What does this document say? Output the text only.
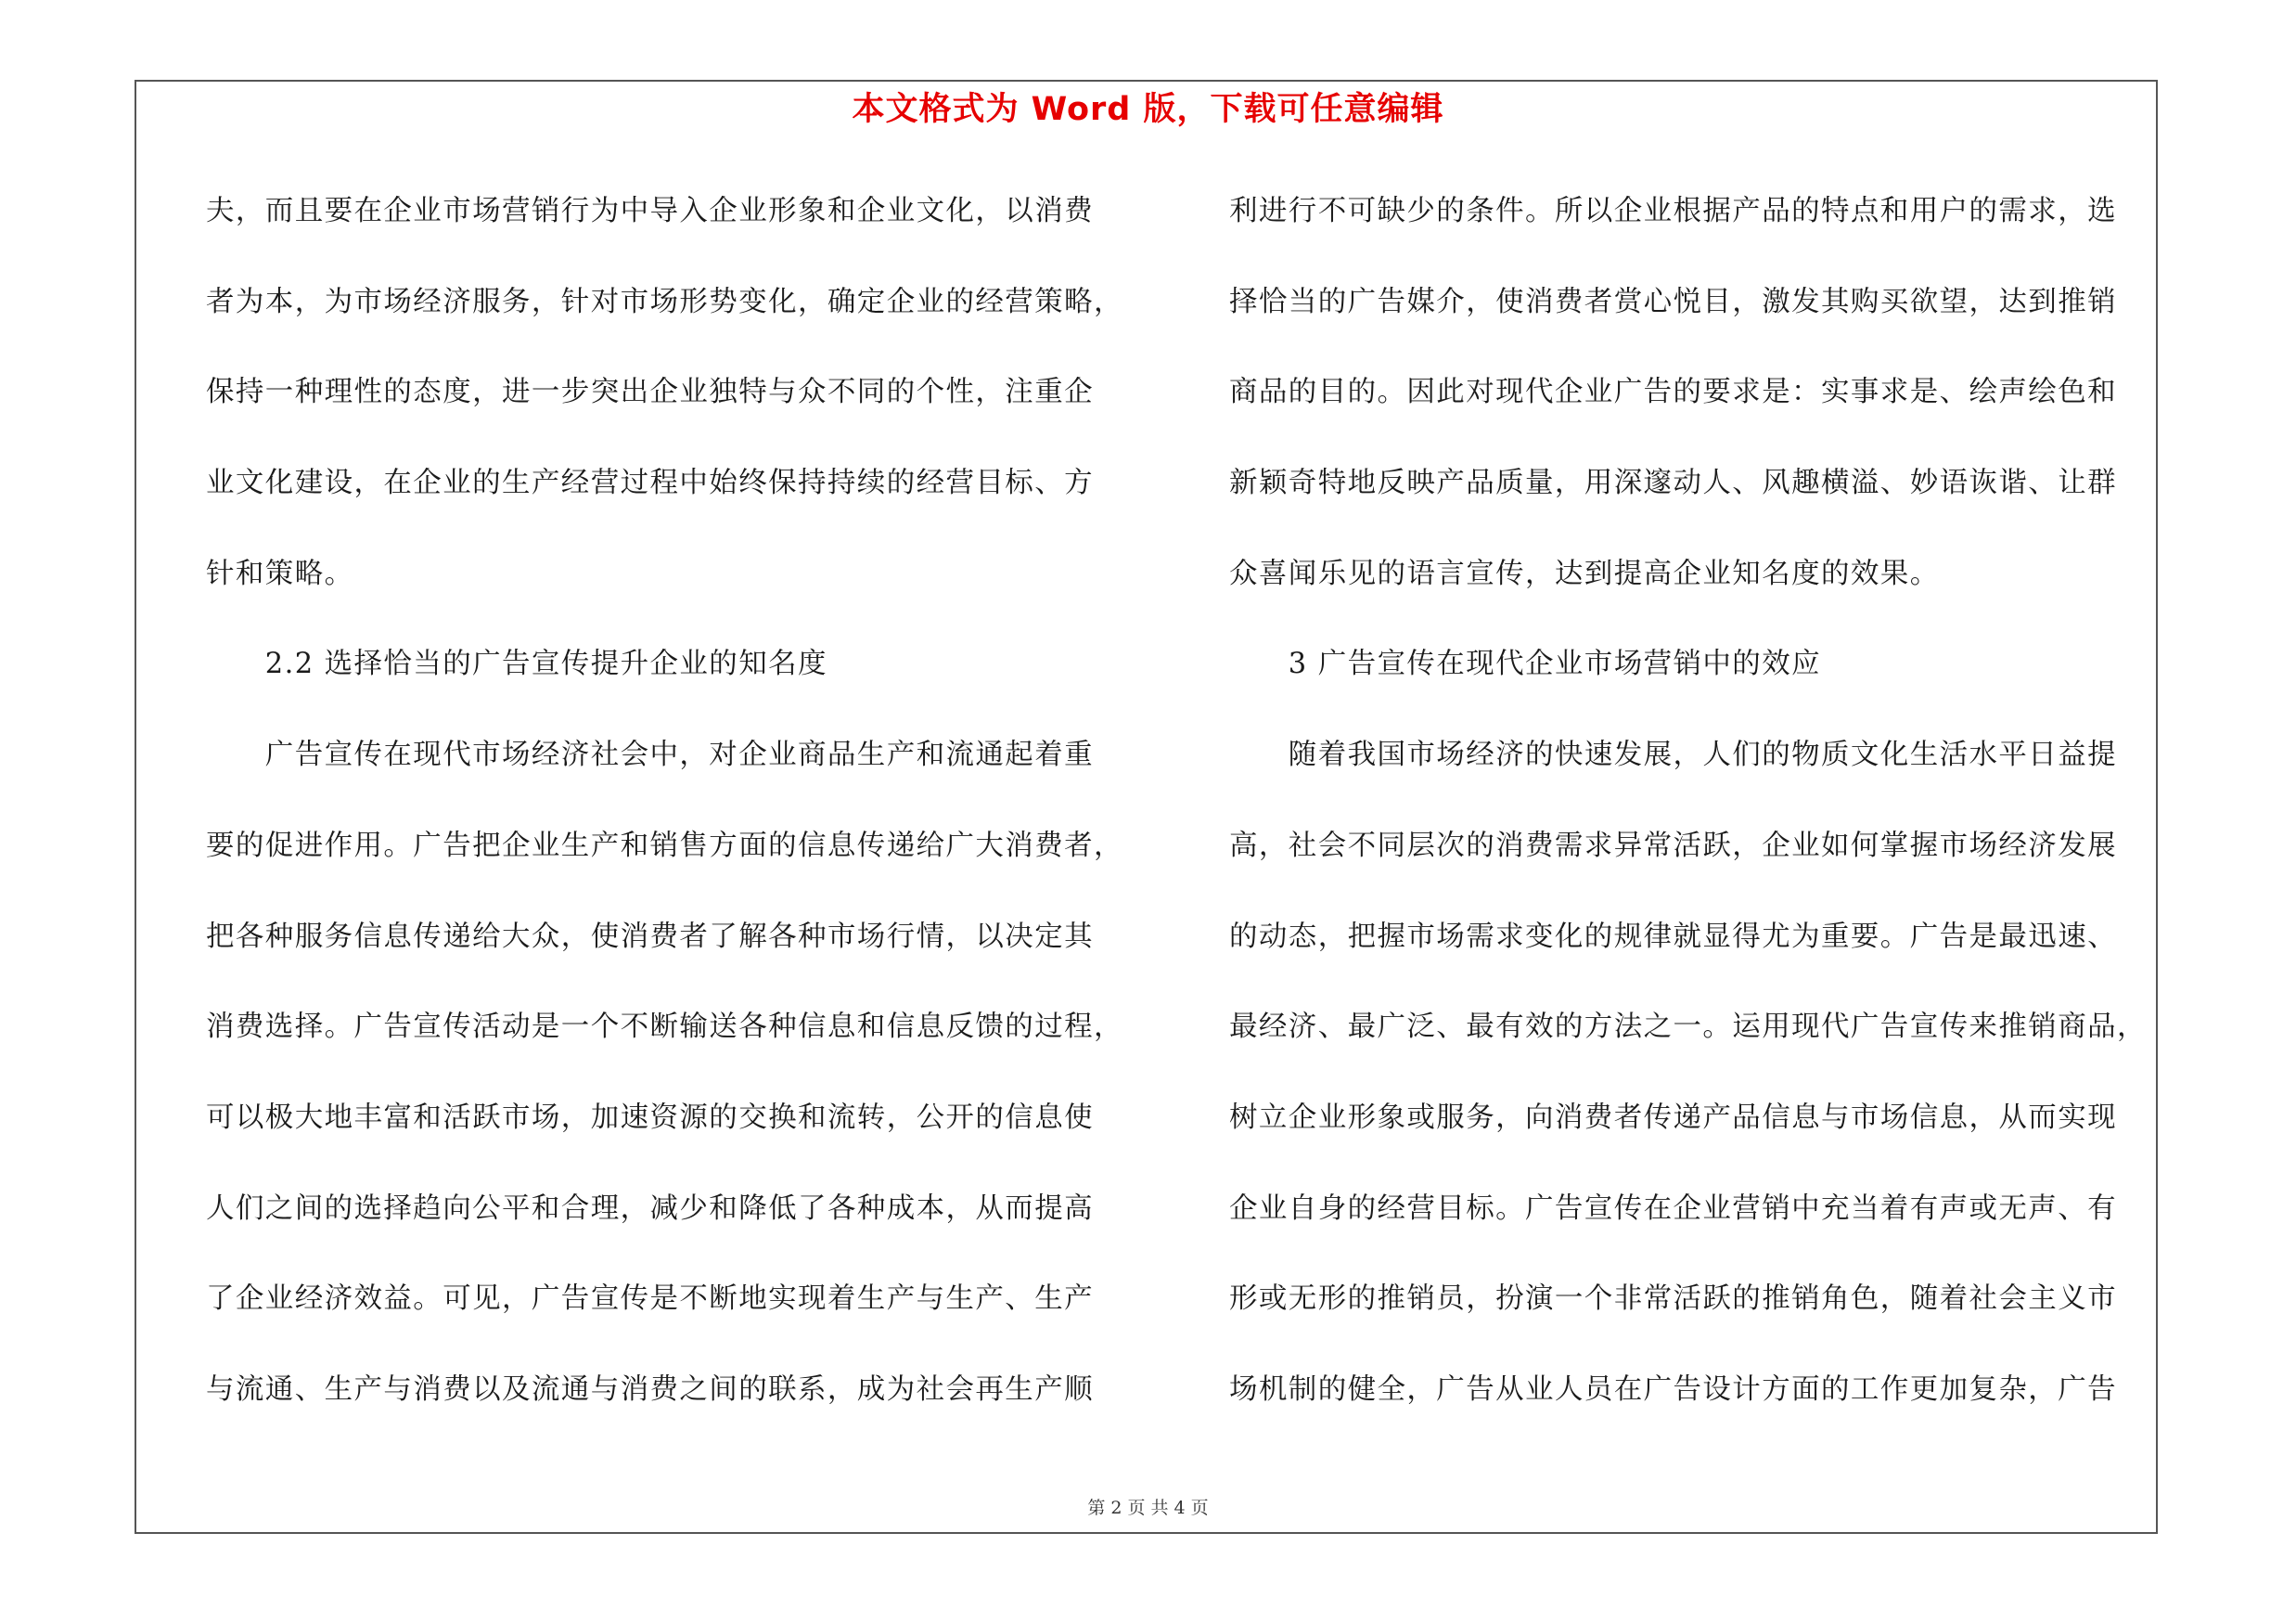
本文格式为 Word 版，下载可任意编辑
夫，而且要在企业市场营销行为中导入企业形象和企业文化，以消费
者为本，为市场经济服务，针对市场形势变化，确定企业的经营策略，
保持一种理性的态度，进一步突出企业独特与众不同的个性，注重企
业文化建设，在企业的生产经营过程中始终保持持续的经营目标、方
针和策略。
　　2.2 选择恰当的广告宣传提升企业的知名度
　　广告宣传在现代市场经济社会中，对企业商品生产和流通起着重
要的促进作用。广告把企业生产和销售方面的信息传递给广大消费者，
把各种服务信息传递给大众，使消费者了解各种市场行情，以决定其
消费选择。广告宣传活动是一个不断输送各种信息和信息反馈的过程，
可以极大地丰富和活跃市场，加速资源的交换和流转，公开的信息使
人们之间的选择趋向公平和合理，减少和降低了各种成本，从而提高
了企业经济效益。可见，广告宣传是不断地实现着生产与生产、生产
与流通、生产与消费以及流通与消费之间的联系，成为社会再生产顺
利进行不可缺少的条件。所以企业根据产品的特点和用户的需求，选
择恰当的广告媒介，使消费者赏心悦目，激发其购买欲望，达到推销
商品的目的。因此对现代企业广告的要求是：实事求是、绘声绘色和
新颖奇特地反映产品质量，用深邃动人、风趣横溢、妙语诙谐、让群
众喜闻乐见的语言宣传，达到提高企业知名度的效果。
　　3 广告宣传在现代企业市场营销中的效应
　　随着我国市场经济的快速发展，人们的物质文化生活水平日益提
高，社会不同层次的消费需求异常活跃，企业如何掌握市场经济发展
的动态，把握市场需求变化的规律就显得尤为重要。广告是最迅速、
最经济、最广泛、最有效的方法之一。运用现代广告宣传来推销商品，
树立企业形象或服务，向消费者传递产品信息与市场信息，从而实现
企业自身的经营目标。广告宣传在企业营销中充当着有声或无声、有
形或无形的推销员，扮演一个非常活跃的推销角色，随着社会主义市
场机制的健全，广告从业人员在广告设计方面的工作更加复杂，广告
第 2 页 共 4 页
